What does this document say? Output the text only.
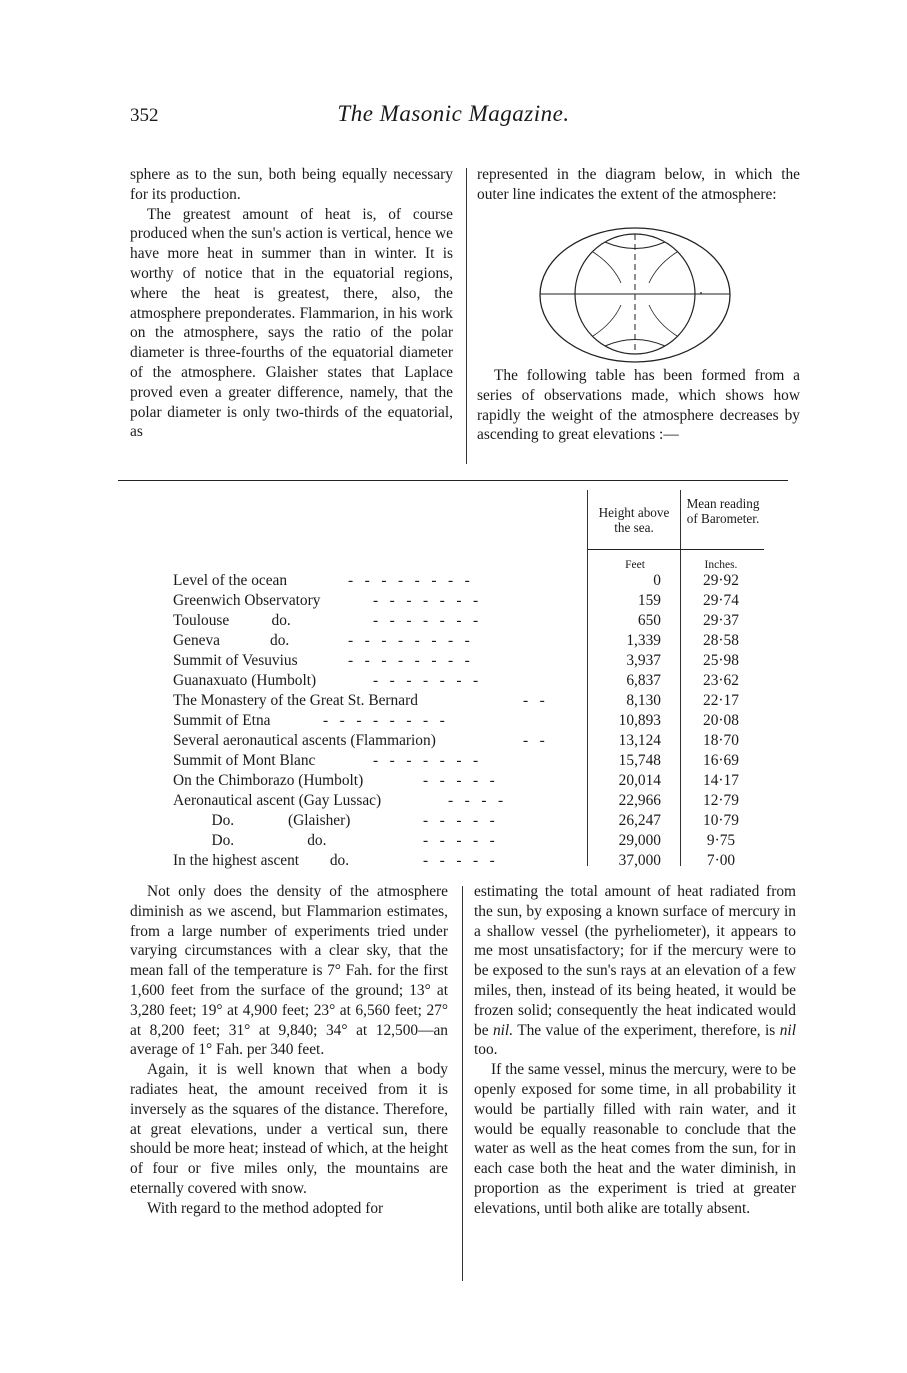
352	The Masonic Magazine.

sphere as to the sun, both being equally necessary for its production.

The greatest amount of heat is, of course produced when the sun's action is vertical, hence we have more heat in summer than in winter. It is worthy of notice that in the equatorial regions, where the heat is greatest, there, also, the atmosphere preponderates. Flammarion, in his work on the atmosphere, says the ratio of the polar diameter is three-fourths of the equatorial diameter of the atmosphere. Glaisher states that Laplace proved even a greater difference, namely, that the polar diameter is only two-thirds of the equatorial, as

represented in the diagram below, in which the outer line indicates the extent of the atmosphere:

The following table has been formed from a series of observations made, which shows how rapidly the weight of the atmosphere decreases by ascending to great elevations :—

Height above the sea.
Mean reading of Barometer.
Feet	Inches.
Level of the ocean	-   -   -   -   -   -   -   -	0	29·92
Greenwich Observatory	-   -   -   -   -   -   -	159	29·74
Toulouse           do.	-   -   -   -   -   -   -	650	29·37
Geneva             do.	-   -   -   -   -   -   -   -	1,339	28·58
Summit of Vesuvius	-   -   -   -   -   -   -   -	3,937	25·98
Guanaxuato (Humbolt)	-   -   -   -   -   -   -	6,837	23·62
The Monastery of the Great St. Bernard	-   -	8,130	22·17
Summit of Etna	-   -   -   -   -   -   -   -	10,893	20·08
Several aeronautical ascents (Flammarion)	-   -	13,124	18·70
Summit of Mont Blanc	-   -   -   -   -   -   -	15,748	16·69
On the Chimborazo (Humbolt)	-   -   -   -   -	20,014	14·17
Aeronautical ascent (Gay Lussac)	-   -   -   -	22,966	12·79
Do.              (Glaisher)	-   -   -   -   -	26,247	10·79
Do.                   do.	-   -   -   -   -	29,000	9·75
In the highest ascent        do.	-   -   -   -   -	37,000	7·00

Not only does the density of the atmosphere diminish as we ascend, but Flammarion estimates, from a large number of experiments tried under varying circumstances with a clear sky, that the mean fall of the temperature is 7° Fah. for the first 1,600 feet from the surface of the ground; 13° at 3,280 feet; 19° at 4,900 feet; 23° at 6,560 feet; 27° at 8,200 feet; 31° at 9,840; 34° at 12,500—an average of 1° Fah. per 340 feet.

Again, it is well known that when a body radiates heat, the amount received from it is inversely as the squares of the distance. Therefore, at great elevations, under a vertical sun, there should be more heat; instead of which, at the height of four or five miles only, the mountains are eternally covered with snow.

With regard to the method adopted for

estimating the total amount of heat radiated from the sun, by exposing a known surface of mercury in a shallow vessel (the pyrheliometer), it appears to me most unsatisfactory; for if the mercury were to be exposed to the sun's rays at an elevation of a few miles, then, instead of its being heated, it would be frozen solid; consequently the heat indicated would be nil. The value of the experiment, therefore, is nil too.

If the same vessel, minus the mercury, were to be openly exposed for some time, in all probability it would be partially filled with rain water, and it would be equally reasonable to conclude that the water as well as the heat comes from the sun, for in each case both the heat and the water diminish, in proportion as the experiment is tried at greater elevations, until both alike are totally absent.
